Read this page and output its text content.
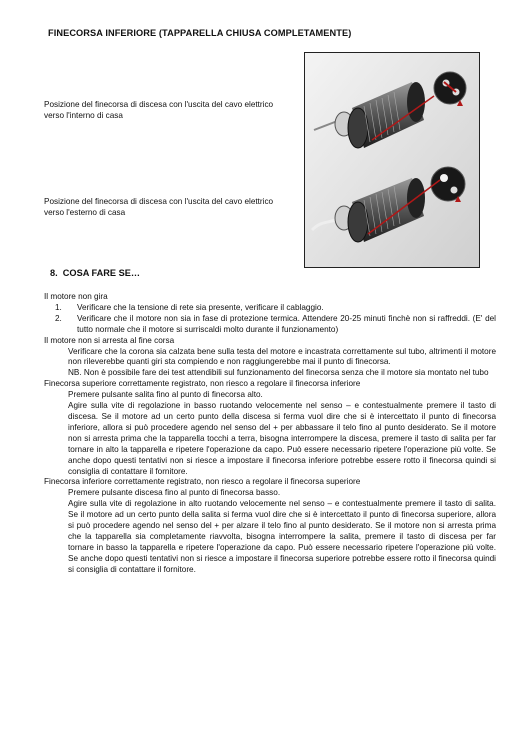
FINECORSA INFERIORE (TAPPARELLA CHIUSA COMPLETAMENTE)
Posizione del finecorsa di discesa con l'uscita del cavo elettrico verso l'interno di casa
Posizione del finecorsa di discesa con l'uscita del cavo elettrico verso l'esterno di casa
8. COSA FARE SE…

Il motore non gira

1. Verificare che la tensione di rete sia presente, verificare il cablaggio.

2. Verificare che il motore non sia in fase di protezione termica. Attendere 20-25 minuti finchè non si raffreddi. (E' del tutto normale che il motore si surriscaldi molto durante il funzionamento)

Il motore non si arresta al fine corsa

Verificare che la corona sia calzata bene sulla testa del motore e incastrata correttamente sul tubo, altrimenti il motore non rileverebbe quanti giri sta compiendo e non raggiungerebbe mai il punto di finecorsa.

NB. Non è possibile fare dei test attendibili sul funzionamento del finecorsa senza che il motore sia montato nel tubo

Finecorsa superiore correttamente registrato, non riesco a regolare il finecorsa inferiore

Premere pulsante salita fino al punto di finecorsa alto.

Agire sulla vite di regolazione in basso ruotando velocemente nel senso – e contestualmente premere il tasto di discesa. Se il motore ad un certo punto della discesa si ferma vuol dire che si è intercettato il punto di finecorsa inferiore, allora si può procedere agendo nel senso del + per abbassare il telo fino al punto desiderato. Se il motore non si arresta prima che la tapparella tocchi a terra, bisogna interrompere la discesa, premere il tasto di salita per far tornare in alto la tapparella e ripetere l'operazione da capo. Può essere necessario ripetere l'operazione più volte. Se anche dopo questi tentativi non si riesce a impostare il finecorsa inferiore potrebbe essere rotto il finecorsa quindi si consiglia di contattare il fornitore.

Finecorsa inferiore correttamente registrato, non riesco a regolare il finecorsa superiore

Premere pulsante discesa fino al punto di finecorsa basso.

Agire sulla vite di regolazione in alto ruotando velocemente nel senso – e contestualmente premere il tasto di salita. Se il motore ad un certo punto della salita si ferma vuol dire che si è intercettato il punto di finecorsa superiore, allora si può procedere agendo nel senso del + per alzare il telo fino al punto desiderato. Se il motore non si arresta prima che la tapparella sia completamente riavvolta, bisogna interrompere la salita, premere il tasto di discesa per far tornare in basso la tapparella e ripetere l'operazione da capo. Può essere necessario ripetere l'operazione più volte. Se anche dopo questi tentativi non si riesce a impostare il finecorsa superiore potrebbe essere rotto il finecorsa quindi si consiglia di contattare il fornitore.
